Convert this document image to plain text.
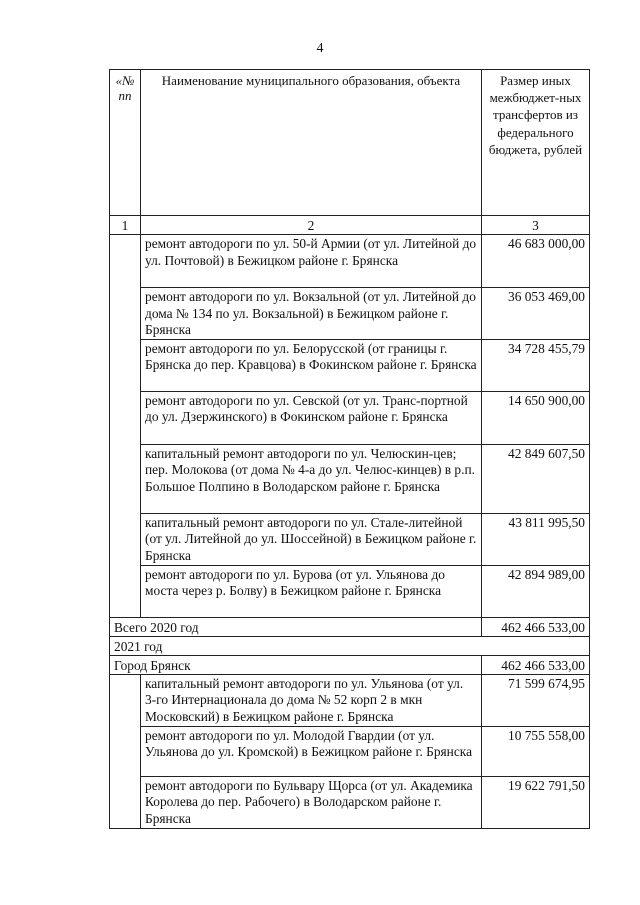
4
«№ пп	Наименование муниципального образования, объекта	Размер иных межбюджет-ных трансфертов из федерального бюджета, рублей
1	2	3
	ремонт автодороги по ул. 50-й Армии (от ул. Литейной до ул. Почтовой) в Бежицком районе г. Брянска	46 683 000,00
	ремонт автодороги по ул. Вокзальной (от ул. Литейной до дома № 134 по ул. Вокзальной) в Бежицком районе г. Брянска	36 053 469,00
	ремонт автодороги по ул. Белорусской (от границы г. Брянска до пер. Кравцова) в Фокинском районе г. Брянска	34 728 455,79
	ремонт автодороги по ул. Севской (от ул. Транс-портной до ул. Дзержинского) в Фокинском районе г. Брянска	14 650 900,00
	капитальный ремонт автодороги по ул. Челюскин-цев; пер. Молокова (от дома № 4-а до ул. Челюс-кинцев) в р.п. Большое Полпино в Володарском районе г. Брянска	42 849 607,50
	капитальный ремонт автодороги по ул. Стале-литейной (от ул. Литейной до ул. Шоссейной) в Бежицком районе г. Брянска	43 811 995,50
	ремонт автодороги по ул. Бурова (от ул. Ульянова до моста через р. Болву) в Бежицком районе г. Брянска	42 894 989,00
Всего 2020 год		462 466 533,00
2021 год		
Город Брянск		462 466 533,00
	капитальный ремонт автодороги по ул. Ульянова (от ул. 3-го Интернационала до дома № 52 корп 2 в мкн Московский) в Бежицком районе г. Брянска	71 599 674,95
	ремонт автодороги по ул. Молодой Гвардии (от ул. Ульянова до ул. Кромской) в Бежицком районе г. Брянска	10 755 558,00
	ремонт автодороги по Бульвару Щорса (от ул. Академика Королева до пер. Рабочего) в Володарском районе г. Брянска	19 622 791,50
